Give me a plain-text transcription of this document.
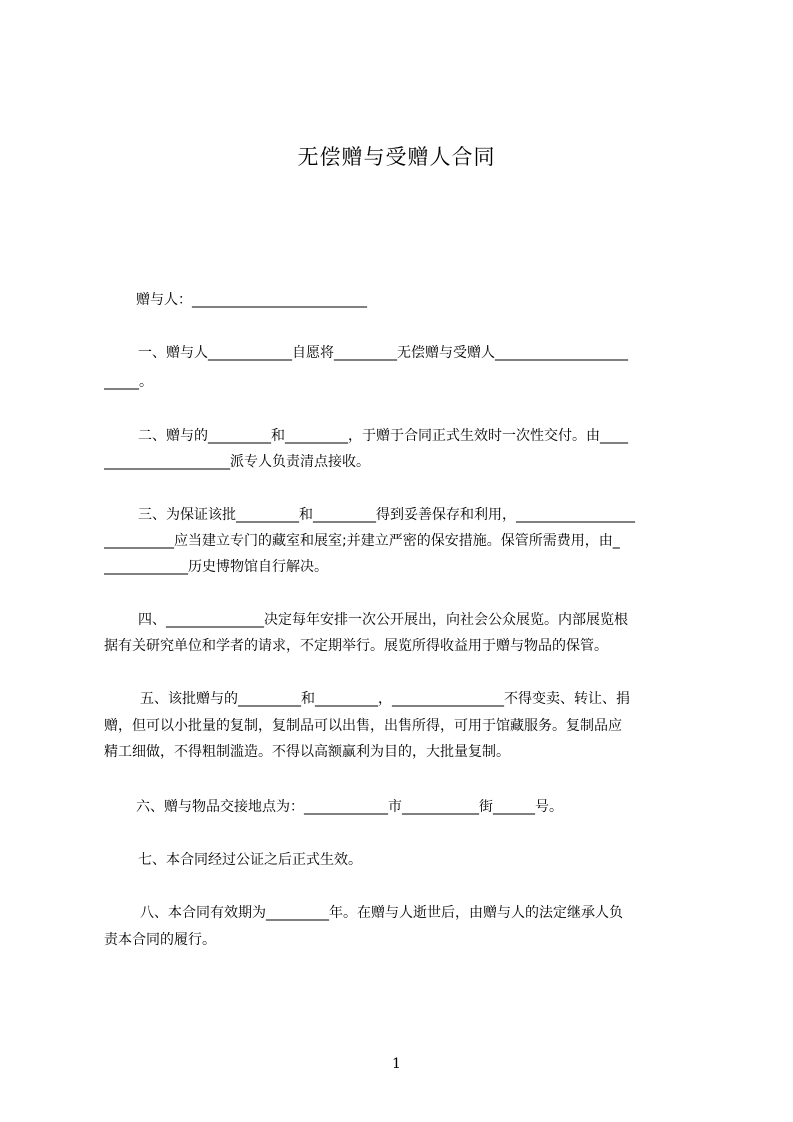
无偿赠与受赠人合同
赠与人：_________________________
一、赠与人____________自愿将_________无偿赠与受赠人___________________
_____。
二、赠与的_________和_________，于赠于合同正式生效时一次性交付。由____
__________________派专人负责清点接收。
三、为保证该批_________和_________得到妥善保存和利用，_________________
__________应当建立专门的藏室和展室;并建立严密的保安措施。保管所需费用，由_
____________历史博物馆自行解决。
四、______________决定每年安排一次公开展出，向社会公众展览。内部展览根
据有关研究单位和学者的请求，不定期举行。展览所得收益用于赠与物品的保管。
五、该批赠与的_________和_________，________________不得变卖、转让、捐
赠，但可以小批量的复制，复制品可以出售，出售所得，可用于馆藏服务。复制品应
精工细做，不得粗制滥造。不得以高额赢利为目的，大批量复制。
六、赠与物品交接地点为：____________市___________街______号。
七、本合同经过公证之后正式生效。
八、本合同有效期为_________年。在赠与人逝世后，由赠与人的法定继承人负
责本合同的履行。
1
